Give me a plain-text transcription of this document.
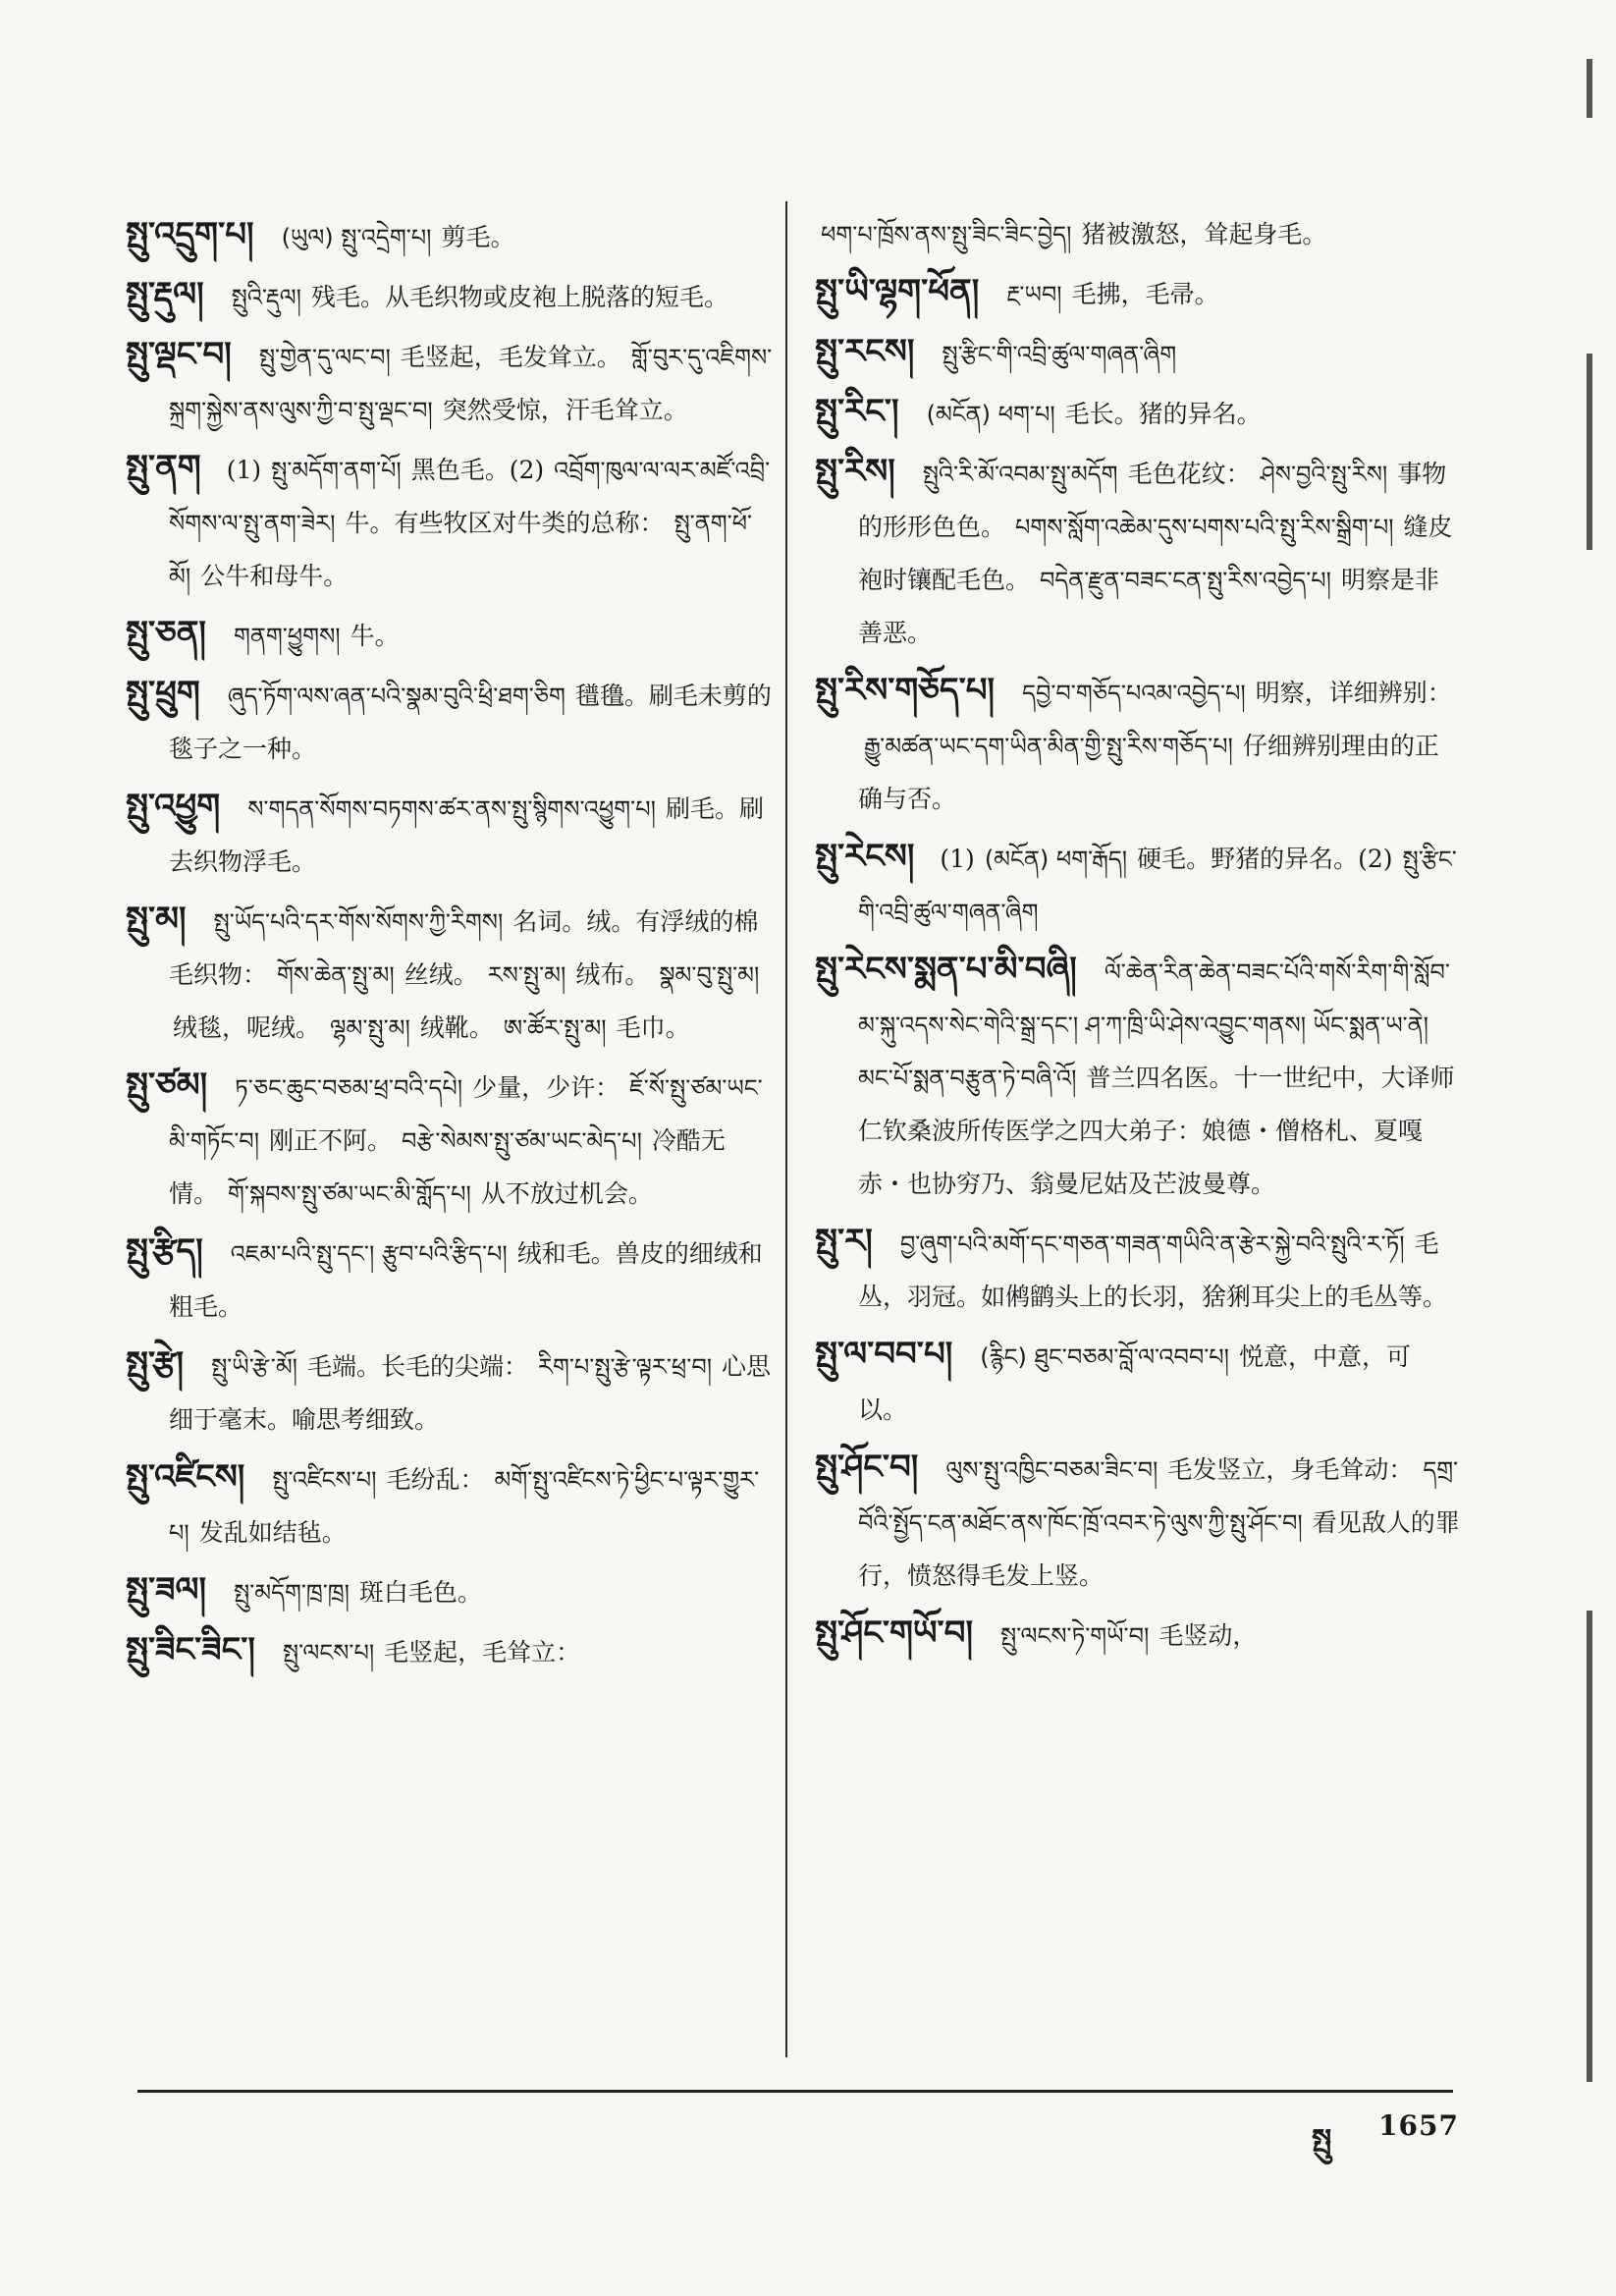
སྤུ་འདྲུག་པ། (ཡུལ) སྤུ་འདྲེག་པ། 剪毛。
སྤུ་རྡུལ། སྤུའི་རྡུལ། 残毛。从毛织物或皮袍上脱落的短毛。
སྤུ་ལྡང་བ། སྤུ་གྱེན་དུ་ལང་བ། 毛竖起，毛发耸立。 གློ་བུར་དུ་འཇིགས་སྐྲག་སྐྱེས་ནས་ལུས་ཀྱི་བ་སྤུ་ལྡང་བ། 突然受惊，汗毛耸立。
སྤུ་ནག (1) སྤུ་མདོག་ནག་པོ། 黑色毛。(2) འབྲོག་ཁུལ་ལ་ལར་མཛོ་འབྲི་སོགས་ལ་སྤུ་ནག་ཟེར། 牛。有些牧区对牛类的总称： སྤུ་ནག་ཕོ་མོ། 公牛和母牛。
སྤུ་ཅན། གནག་ཕྱུགས། 牛。
སྤུ་ཕྲུག ཞུད་ཏོག་ལས་ཞན་པའི་སྣམ་བུའི་ཕྲི་ཐག་ཅིག 氆氇。刷毛未剪的毯子之一种。
སྤུ་འཕྱུག ས་གདན་སོགས་བཏགས་ཚར་ནས་སྤུ་སྙིགས་འཕྱུག་པ། 刷毛。刷去织物浮毛。
སྤུ་མ། སྤུ་ཡོད་པའི་དར་གོས་སོགས་ཀྱི་རིགས། 名词。绒。有浮绒的棉毛织物： གོས་ཆེན་སྤུ་མ། 丝绒。 རས་སྤུ་མ། 绒布。 སྣམ་བུ་སྤུ་མ།绒毯，呢绒。 ལྷམ་སྤུ་མ། 绒靴。 ཨ་ཚོར་སྤུ་མ། 毛巾。
སྤུ་ཙམ། ཏ་ཅང་ཆུང་བཅམ་ཕྲ་བའི་དཔེ། 少量，少许： ཇོ་སོ་སྤུ་ཙམ་ཡང་མི་གཏོང་བ། 刚正不阿。 བརྩེ་སེམས་སྤུ་ཙམ་ཡང་མེད་པ། 冷酷无情。 གོ་སྐབས་སྤུ་ཙམ་ཡང་མི་གློད་པ། 从不放过机会。
སྤུ་རྩིད། འཇམ་པའི་སྤུ་དང་། རྩུབ་པའི་རྩིད་པ། 绒和毛。兽皮的细绒和粗毛。
སྤུ་རྩེ། སྤུ་ཡི་རྩེ་མོ། 毛端。长毛的尖端： རིག་པ་སྤུ་རྩེ་ལྟར་ཕྲ་བ། 心思细于毫末。喻思考细致。
སྤུ་འཛིངས། སྤུ་འཛིངས་པ། 毛纷乱： མགོ་སྤུ་འཛིངས་ཏེ་ཕྱིང་པ་ལྟར་གྱུར་པ། 发乱如结毡。
སྤུ་ཟལ། སྤུ་མདོག་ཁྲ་ཁྲ། 斑白毛色。
སྤུ་ཟིང་ཟིང་། སྤུ་ལངས་པ། 毛竖起，毛耸立：
ཕག་པ་ཁྲོས་ནས་སྤུ་ཟིང་ཟིང་བྱེད། 猪被激怒，耸起身毛。
སྤུ་ཡི་ལྷག་ཕོན། རྔ་ཡབ། 毛拂，毛帚。
སྤུ་རངས། སྤུ་རྩིང་གི་འབྲི་ཚུལ་གཞན་ཞིག
སྤུ་རིང་། (མངོན) ཕག་པ། 毛长。猪的异名。
སྤུ་རིས། སྤུའི་རི་མོ་འབམ་སྤུ་མདོག 毛色花纹： ཤེས་བྱའི་སྤུ་རིས། 事物的形形色色。 པགས་སློག་འཆེམ་དུས་པགས་པའི་སྤུ་རིས་སྒྲིག་པ། 缝皮袍时镶配毛色。 བདེན་རྫུན་བཟང་ངན་སྤུ་རིས་འབྱེད་པ། 明察是非善恶。
སྤུ་རིས་གཅོད་པ། དབྱེ་བ་གཅོད་པའམ་འབྱེད་པ། 明察，详细辨别：རྒྱུ་མཚན་ཡང་དག་ཡིན་མིན་གྱི་སྤུ་རིས་གཅོད་པ། 仔细辨别理由的正确与否。
སྤུ་རེངས། (1) (མངོན) ཕག་རྒོད། 硬毛。野猪的异名。(2) སྤུ་རྩིང་གི་འབྲི་ཚུལ་གཞན་ཞིག
སྤུ་རེངས་སྨན་པ་མི་བཞི། ལོ་ཆེན་རིན་ཆེན་བཟང་པོའི་གསོ་རིག་གི་སློབ་མ་སྐུ་འདས་སེང་གེའི་སྒྲ་དང་། ཤ་ཀ་ཁྲི་ཡི་ཤེས་འབྱུང་གནས། ཡོང་སྨན་ཡ་ནེ། མང་པོ་སྨན་བརྩུན་ཏེ་བཞི་འོ། 普兰四名医。十一世纪中，大译师仁钦桑波所传医学之四大弟子：娘德・僧格札、夏嘎赤・也协穷乃、翁曼尼姑及芒波曼尊。
སྤུ་ར། བྱ་ཞུག་པའི་མགོ་དང་གཅན་གཟན་གཡིའི་ན་རྩེར་སྐྱེ་བའི་སྤུའི་ར་ཏོ། 毛丛，羽冠。如鸺鹠头上的长羽，猞猁耳尖上的毛丛等。
སྤུ་ལ་བབ་པ། (རྙིང) ཐུང་བཅམ་བློ་ལ་འབབ་པ། 悦意，中意，可以。
སྤུ་ཤོང་བ། ལུས་སྤུ་འཁྱིང་བཅམ་ཟིང་བ། 毛发竖立，身毛耸动： དགྲ་བོའི་སྤྱོད་ངན་མཐོང་ནས་ཁོང་ཁྲོ་འབར་ཏེ་ལུས་ཀྱི་སྤུ་ཤོང་བ། 看见敌人的罪行，愤怒得毛发上竖。
སྤུ་ཤོང་གཡོ་བ། སྤུ་ལངས་ཏེ་གཡོ་བ། 毛竖动，
སྤུ 1657
